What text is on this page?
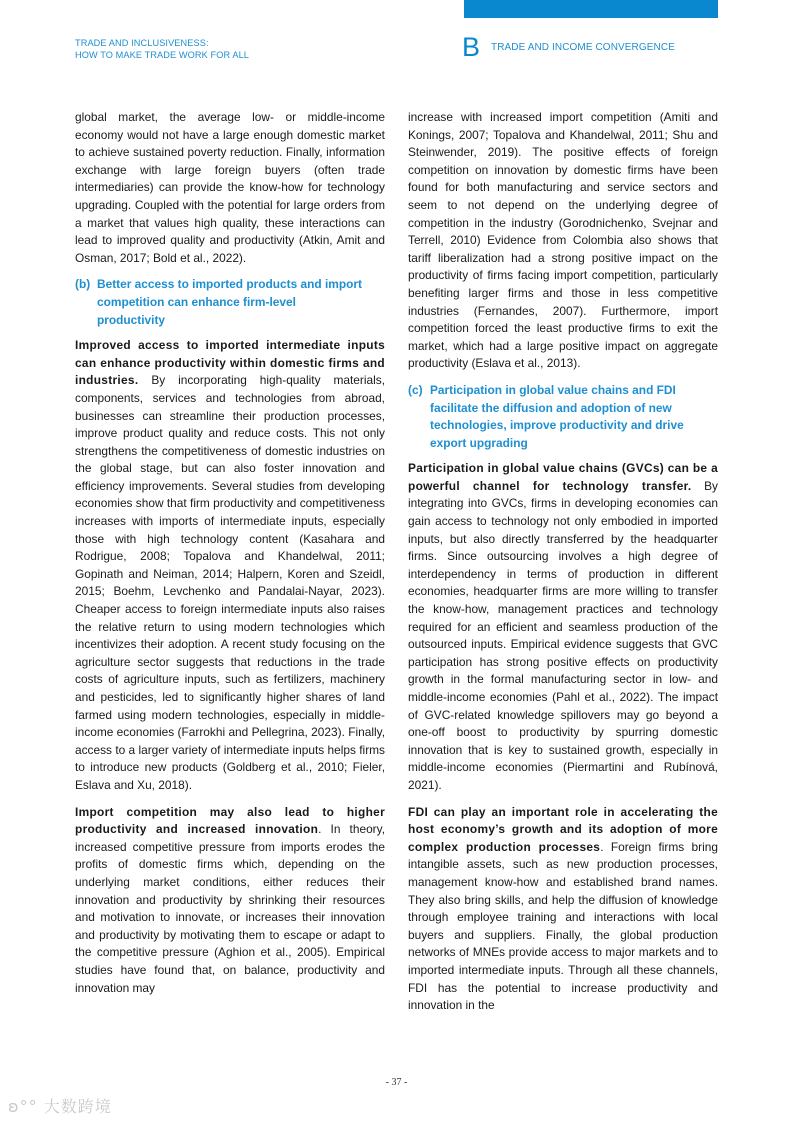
TRADE AND INCLUSIVENESS:
HOW TO MAKE TRADE WORK FOR ALL	B TRADE AND INCOME CONVERGENCE

global market, the average low- or middle-income economy would not have a large enough domestic market to achieve sustained poverty reduction. Finally, information exchange with large foreign buyers (often trade intermediaries) can provide the know-how for technology upgrading. Coupled with the potential for large orders from a market that values high quality, these interactions can lead to improved quality and productivity (Atkin, Amit and Osman, 2017; Bold et al., 2022).

(b) Better access to imported products and import competition can enhance firm-level productivity

Improved access to imported intermediate inputs can enhance productivity within domestic firms and industries. By incorporating high-quality materials, components, services and technologies from abroad, businesses can streamline their production processes, improve product quality and reduce costs. This not only strengthens the competitiveness of domestic industries on the global stage, but can also foster innovation and efficiency improvements. Several studies from developing economies show that firm productivity and competitiveness increases with imports of intermediate inputs, especially those with high technology content (Kasahara and Rodrigue, 2008; Topalova and Khandelwal, 2011; Gopinath and Neiman, 2014; Halpern, Koren and Szeidl, 2015; Boehm, Levchenko and Pandalai-Nayar, 2023). Cheaper access to foreign intermediate inputs also raises the relative return to using modern technologies which incentivizes their adoption. A recent study focusing on the agriculture sector suggests that reductions in the trade costs of agriculture inputs, such as fertilizers, machinery and pesticides, led to significantly higher shares of land farmed using modern technologies, especially in middle-income economies (Farrokhi and Pellegrina, 2023). Finally, access to a larger variety of intermediate inputs helps firms to introduce new products (Goldberg et al., 2010; Fieler, Eslava and Xu, 2018).

Import competition may also lead to higher productivity and increased innovation. In theory, increased competitive pressure from imports erodes the profits of domestic firms which, depending on the underlying market conditions, either reduces their innovation and productivity by shrinking their resources and motivation to innovate, or increases their innovation and productivity by motivating them to escape or adapt to the competitive pressure (Aghion et al., 2005). Empirical studies have found that, on balance, productivity and innovation may

increase with increased import competition (Amiti and Konings, 2007; Topalova and Khandelwal, 2011; Shu and Steinwender, 2019). The positive effects of foreign competition on innovation by domestic firms have been found for both manufacturing and service sectors and seem to not depend on the underlying degree of competition in the industry (Gorodnichenko, Svejnar and Terrell, 2010) Evidence from Colombia also shows that tariff liberalization had a strong positive impact on the productivity of firms facing import competition, particularly benefiting larger firms and those in less competitive industries (Fernandes, 2007). Furthermore, import competition forced the least productive firms to exit the market, which had a large positive impact on aggregate productivity (Eslava et al., 2013).

(c) Participation in global value chains and FDI facilitate the diffusion and adoption of new technologies, improve productivity and drive export upgrading

Participation in global value chains (GVCs) can be a powerful channel for technology transfer. By integrating into GVCs, firms in developing economies can gain access to technology not only embodied in imported inputs, but also directly transferred by the headquarter firms. Since outsourcing involves a high degree of interdependency in terms of production in different economies, headquarter firms are more willing to transfer the know-how, management practices and technology required for an efficient and seamless production of the outsourced inputs. Empirical evidence suggests that GVC participation has strong positive effects on productivity growth in the formal manufacturing sector in low- and middle-income economies (Pahl et al., 2022). The impact of GVC-related knowledge spillovers may go beyond a one-off boost to productivity by spurring domestic innovation that is key to sustained growth, especially in middle-income economies (Piermartini and Rubínová, 2021).

FDI can play an important role in accelerating the host economy’s growth and its adoption of more complex production processes. Foreign firms bring intangible assets, such as new production processes, management know-how and established brand names. They also bring skills, and help the diffusion of knowledge through employee training and interactions with local buyers and suppliers. Finally, the global production networks of MNEs provide access to major markets and to imported intermediate inputs. Through all these channels, FDI has the potential to increase productivity and innovation in the

- 37 -
ʚ°° 大数跨境
